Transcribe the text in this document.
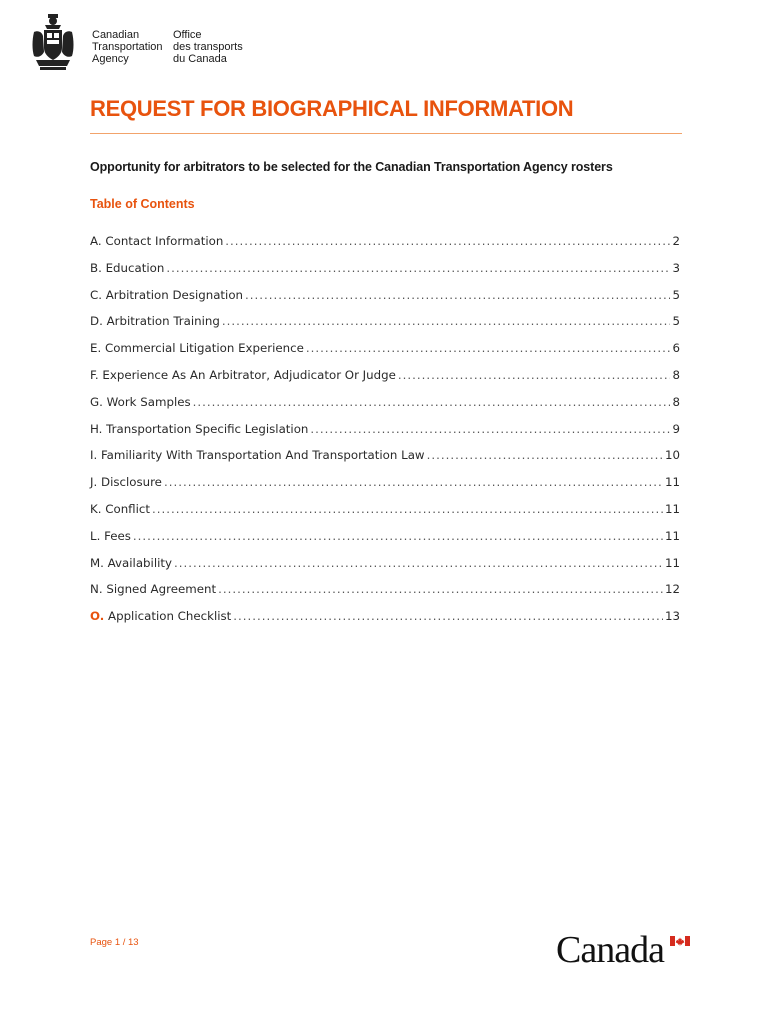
Canadian
Transportation
Agency
Office
des transports
du Canada
REQUEST FOR BIOGRAPHICAL INFORMATION
Opportunity for arbitrators to be selected for the Canadian Transportation Agency rosters
Table of Contents
A. Contact Information .....	2
B. Education .....	3
C. Arbitration Designation .....	5
D. Arbitration Training .....	5
E. Commercial Litigation Experience .....	6
F. Experience As An Arbitrator, Adjudicator Or Judge .....	8
G. Work Samples .....	8
H. Transportation Specific Legislation .....	9
I. Familiarity With Transportation And Transportation Law .....	10
J. Disclosure .....	11
K. Conflict .....	11
L. Fees .....	11
M. Availability .....	11
N. Signed Agreement .....	12
O. Application Checklist .....	13
Page 1 / 13	Canada
